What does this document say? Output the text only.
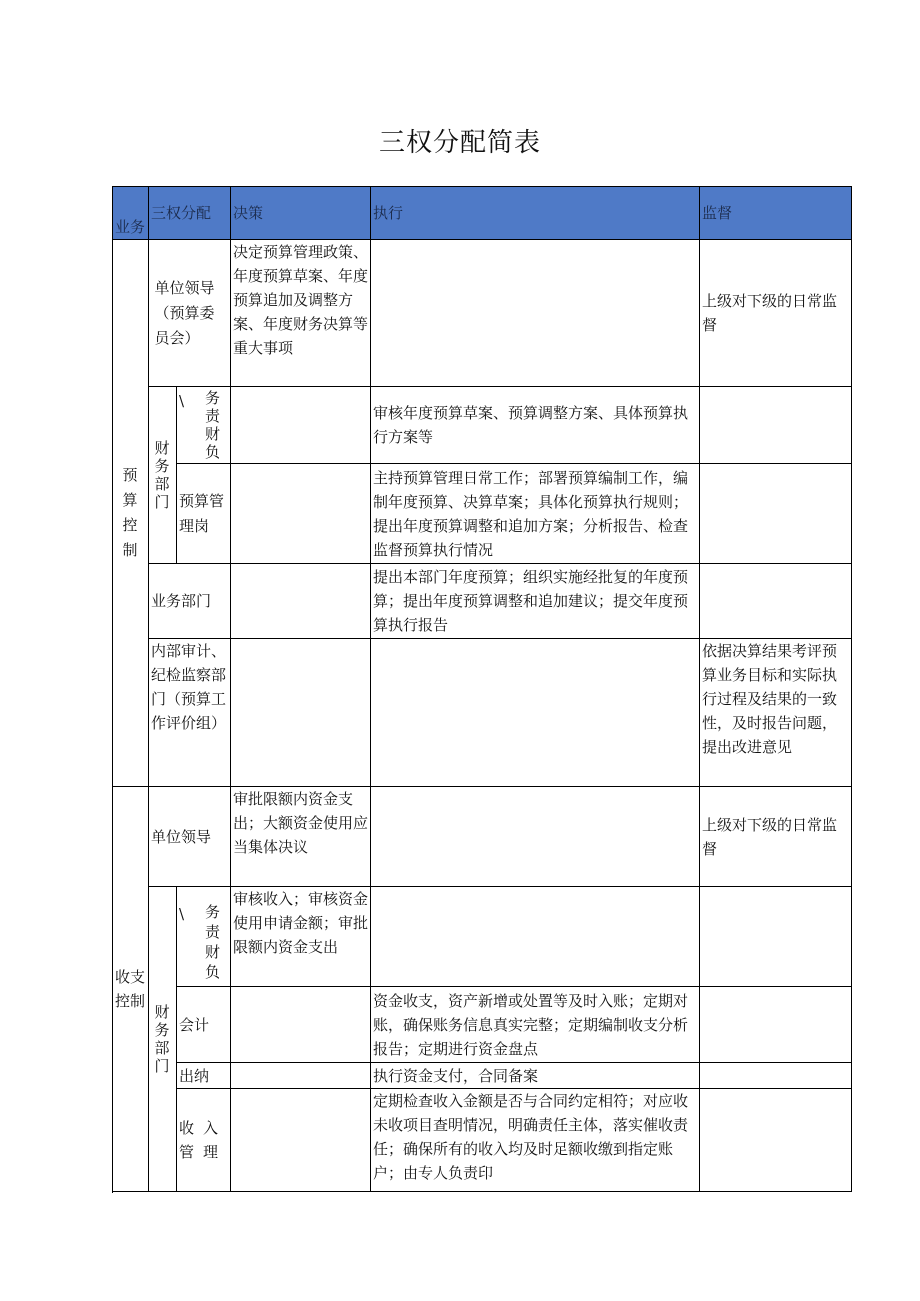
三权分配简表
业务	三权分配		决策	执行	监督

预算控制	单位领导（预算委员会）		决定预算管理政策、年度预算草案、年度预算追加及调整方案、年度财务决算等重大事项		上级对下级的日常监督

	财务部门	\ 务责财负		审核年度预算草案、预算调整方案、具体预算执行方案等	

		预算管理岗		主持预算管理日常工作；部署预算编制工作，编制年度预算、决算草案；具体化预算执行规则；提出年度预算调整和追加方案；分析报告、检查监督预算执行情况	
	业务部门			提出本部门年度预算；组织实施经批复的年度预算；提出年度预算调整和追加建议；提交年度预算执行报告	
	内部审计、纪检监察部门（预算工作评价组）				依据决算结果考评预算业务目标和实际执行过程及结果的一致性，及时报告问题，提出改进意见

收支控制	单位领导		审批限额内资金支出；大额资金使用应当集体决议		上级对下级的日常监督

	财务部门	\ 务责财负	审核收入；审核资金使用申请金额；审批限额内资金支出		
		会计		资金收支，资产新增或处置等及时入账；定期对账，确保账务信息真实完整；定期编制收支分析报告；定期进行资金盘点	
		出纳		执行资金支付，合同备案	

		收入管理		定期检查收入金额是否与合同约定相符；对应收未收项目查明情况，明确责任主体，落实催收责任；确保所有的收入均及时足额收缴到指定账户；由专人负责印	
